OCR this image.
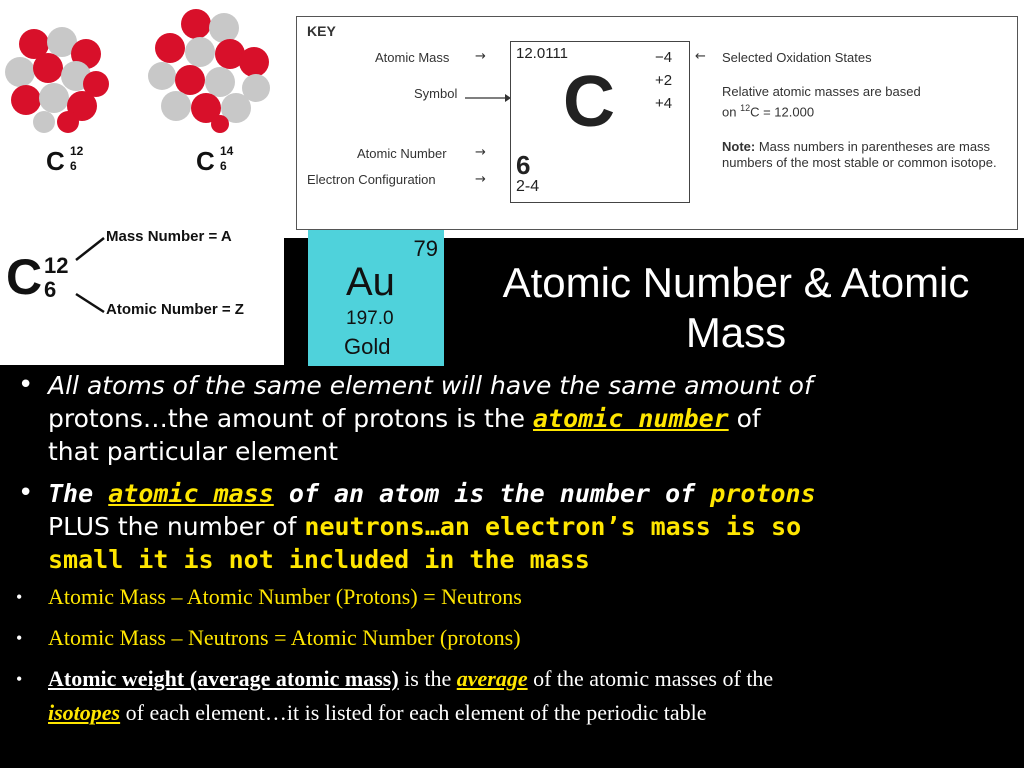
C 12
6	C 14
6
C 12
6
Mass Number = A
Atomic Number = Z
KEY
Atomic Mass →
Symbol
Atomic Number →
Electron Configuration	→
12.0111
C
−4
+2
+4
6
2-4
← Selected Oxidation States
Relative atomic masses are based
on $^{12}$C = 12.000
Note: Mass numbers in parentheses are mass numbers of the most stable or common isotope.
79
Au
197.0
Gold
Atomic Number & Atomic Mass
• All atoms of the same element will have the same amount of
protons…the amount of protons is the atomic number of
that particular element
• The atomic mass of an atom is the number of protons
PLUS the number of neutrons…an electron’s mass is so
small it is not included in the mass
• Atomic Mass – Atomic Number (Protons) = Neutrons
• Atomic Mass – Neutrons = Atomic Number (protons)
• Atomic weight (average atomic mass) is the average of the atomic masses of the
isotopes of each element…it is listed for each element of the periodic table
